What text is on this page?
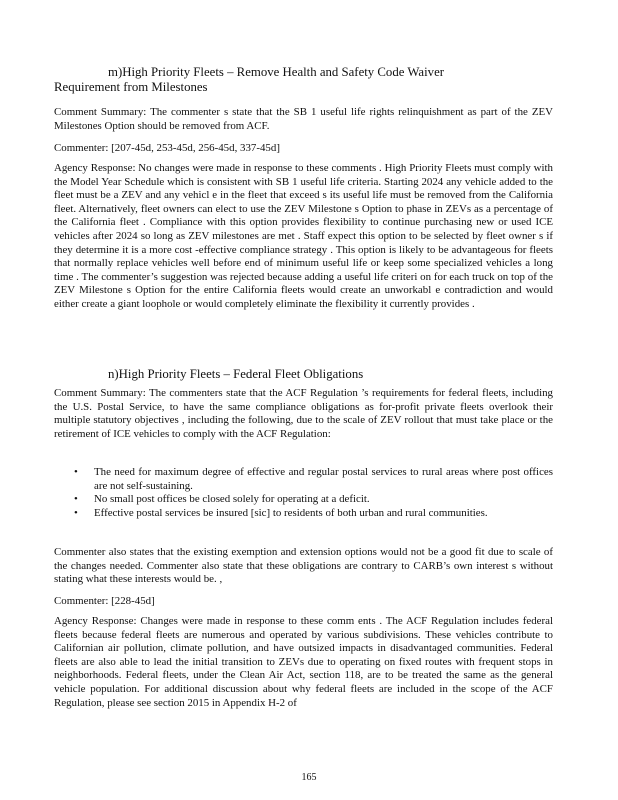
m)High Priority Fleets – Remove Health and Safety Code Waiver
Requirement from Milestones

Comment Summary: The commenter s state that the SB 1 useful life rights relinquishment as part of the ZEV Milestones Option should be removed from ACF.

Commenter: [207-45d, 253-45d, 256-45d, 337-45d]

Agency Response: No changes were made in response to these comments . High Priority Fleets must comply with the Model Year Schedule which is consistent with SB 1 useful life criteria. Starting 2024 any vehicle added to the fleet must be a ZEV and any vehicl e in the fleet that exceed s its useful life must be removed from the California fleet. Alternatively, fleet owners can elect to use the ZEV Milestone s Option to phase in ZEVs as a percentage of the California fleet . Compliance with this option provides flexibility to continue purchasing new or used ICE vehicles after 2024 so long as ZEV milestones are met . Staff expect this option to be selected by fleet owner s if they determine it is a more cost -effective compliance strategy . This option is likely to be advantageous for fleets that normally replace vehicles well before end of minimum useful life or keep some specialized vehicles a long time . The commenter’s suggestion was rejected because adding a useful life criteri on for each truck on top of the ZEV Milestone s Option for the entire California fleets would create an unworkabl e contradiction and would either create a giant loophole or would completely eliminate the flexibility it currently provides .

n)High Priority Fleets – Federal Fleet Obligations

Comment Summary: The commenters state that the ACF Regulation ’s requirements for federal fleets, including the U.S. Postal Service, to have the same compliance obligations as for-profit private fleets overlook their multiple statutory objectives , including the following, due to the scale of ZEV rollout that must take place or the retirement of ICE vehicles to comply with the ACF Regulation:

•	The need for maximum degree of effective and regular postal services to rural areas where post offices are not self-sustaining.
•	No small post offices be closed solely for operating at a deficit.
•	Effective postal services be insured [sic] to residents of both urban and rural communities.

Commenter also states that the existing exemption and extension options would not be a good fit due to scale of the changes needed. Commenter also state that these obligations are contrary to CARB’s own interest s without stating what these interests would be. ,

Commenter: [228-45d]

Agency Response: Changes were made in response to these comm ents . The ACF Regulation includes federal fleets because federal fleets are numerous and operated by various subdivisions. These vehicles contribute to Californian air pollution, climate pollution, and have outsized impacts in disadvantaged communities. Federal fleets are also able to lead the initial transition to ZEVs due to operating on fixed routes with frequent stops in neighborhoods. Federal fleets, under the Clean Air Act, section 118, are to be treated the same as the general vehicle population. For additional discussion about why federal fleets are included in the scope of the ACF Regulation, please see section 2015 in Appendix H-2 of

165
